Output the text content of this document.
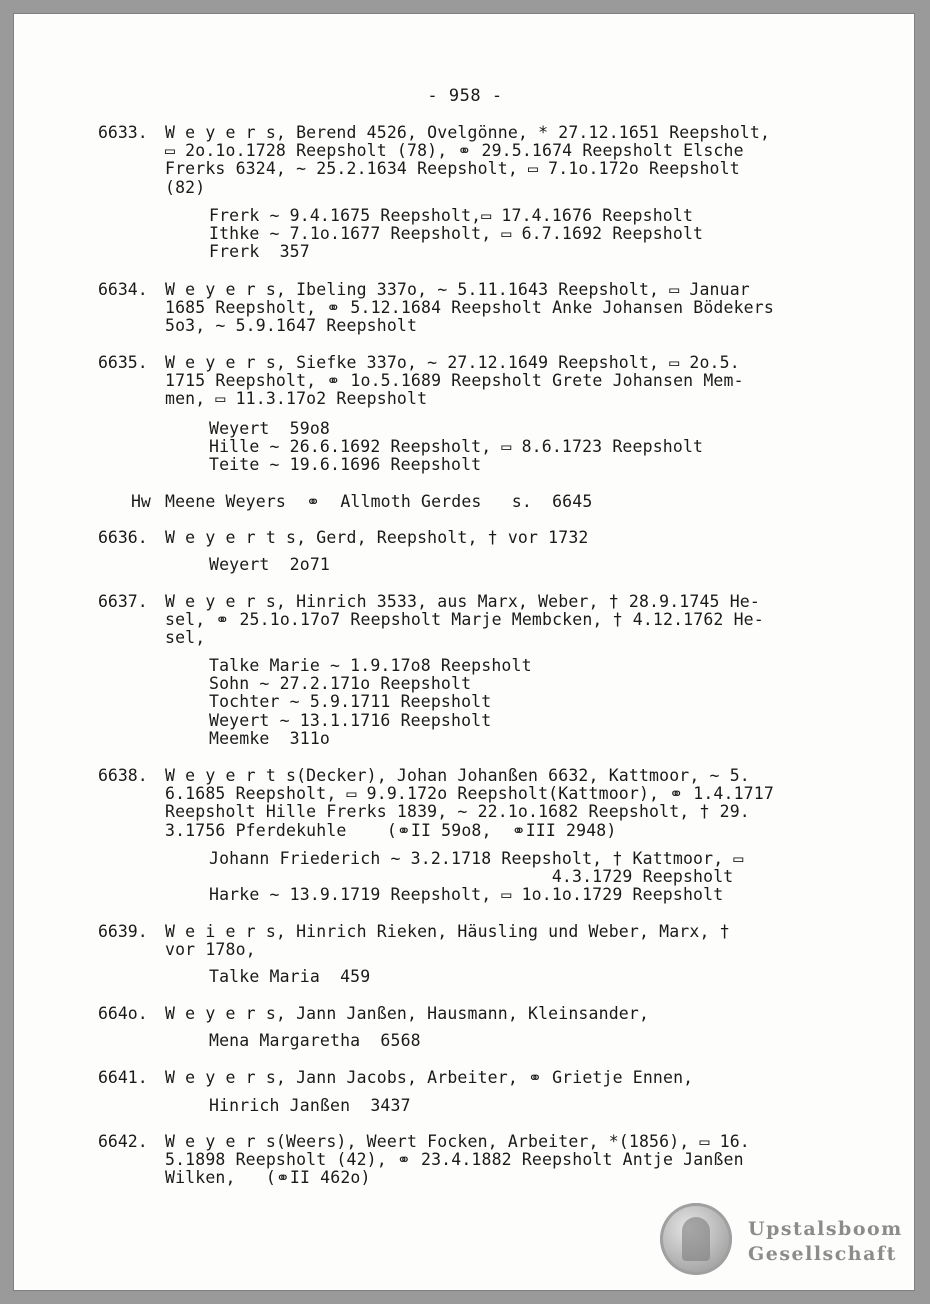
- 958 -
6633. W e y e r s, Berend 4526, Ovelgönne, * 27.12.1651 Reepsholt,
▭ 2o.1o.1728 Reepsholt (78), ⚭ 29.5.1674 Reepsholt Elsche
Frerks 6324, ~ 25.2.1634 Reepsholt, ▭ 7.1o.172o Reepsholt
(82)
Frerk ~ 9.4.1675 Reepsholt,▭ 17.4.1676 Reepsholt
Ithke ~ 7.1o.1677 Reepsholt, ▭ 6.7.1692 Reepsholt
Frerk  357
6634. W e y e r s, Ibeling 337o, ~ 5.11.1643 Reepsholt, ▭ Januar
1685 Reepsholt, ⚭ 5.12.1684 Reepsholt Anke Johansen Bödekers
5o3, ~ 5.9.1647 Reepsholt
6635. W e y e r s, Siefke 337o, ~ 27.12.1649 Reepsholt, ▭ 2o.5.
1715 Reepsholt, ⚭ 1o.5.1689 Reepsholt Grete Johansen Mem-
men, ▭ 11.3.17o2 Reepsholt
Weyert  59o8
Hille ~ 26.6.1692 Reepsholt, ▭ 8.6.1723 Reepsholt
Teite ~ 19.6.1696 Reepsholt
Hw Meene Weyers  ⚭  Allmoth Gerdes   s.  6645
6636. W e y e r t s, Gerd, Reepsholt, † vor 1732
Weyert  2o71
6637. W e y e r s, Hinrich 3533, aus Marx, Weber, † 28.9.1745 He-
sel, ⚭ 25.1o.17o7 Reepsholt Marje Membcken, † 4.12.1762 He-
sel,
Talke Marie ~ 1.9.17o8 Reepsholt
Sohn ~ 27.2.171o Reepsholt
Tochter ~ 5.9.1711 Reepsholt
Weyert ~ 13.1.1716 Reepsholt
Meemke  311o
6638. W e y e r t s(Decker), Johan Johanßen 6632, Kattmoor, ~ 5.
6.1685 Reepsholt, ▭ 9.9.172o Reepsholt(Kattmoor), ⚭ 1.4.1717
Reepsholt Hille Frerks 1839, ~ 22.1o.1682 Reepsholt, † 29.
3.1756 Pferdekuhle    (⚭II 59o8,  ⚭III 2948)
Johann Friederich ~ 3.2.1718 Reepsholt, † Kattmoor, ▭
4.3.1729 Reepsholt
Harke ~ 13.9.1719 Reepsholt, ▭ 1o.1o.1729 Reepsholt
6639. W e i e r s, Hinrich Rieken, Häusling und Weber, Marx, †
vor 178o,
Talke Maria  459
664o. W e y e r s, Jann Janßen, Hausmann, Kleinsander,
Mena Margaretha  6568
6641. W e y e r s, Jann Jacobs, Arbeiter, ⚭ Grietje Ennen,
Hinrich Janßen  3437
6642. W e y e r s(Weers), Weert Focken, Arbeiter, *(1856), ▭ 16.
5.1898 Reepsholt (42), ⚭ 23.4.1882 Reepsholt Antje Janßen
Wilken,   (⚭II 462o)
Upstalsboom
Gesellschaft
